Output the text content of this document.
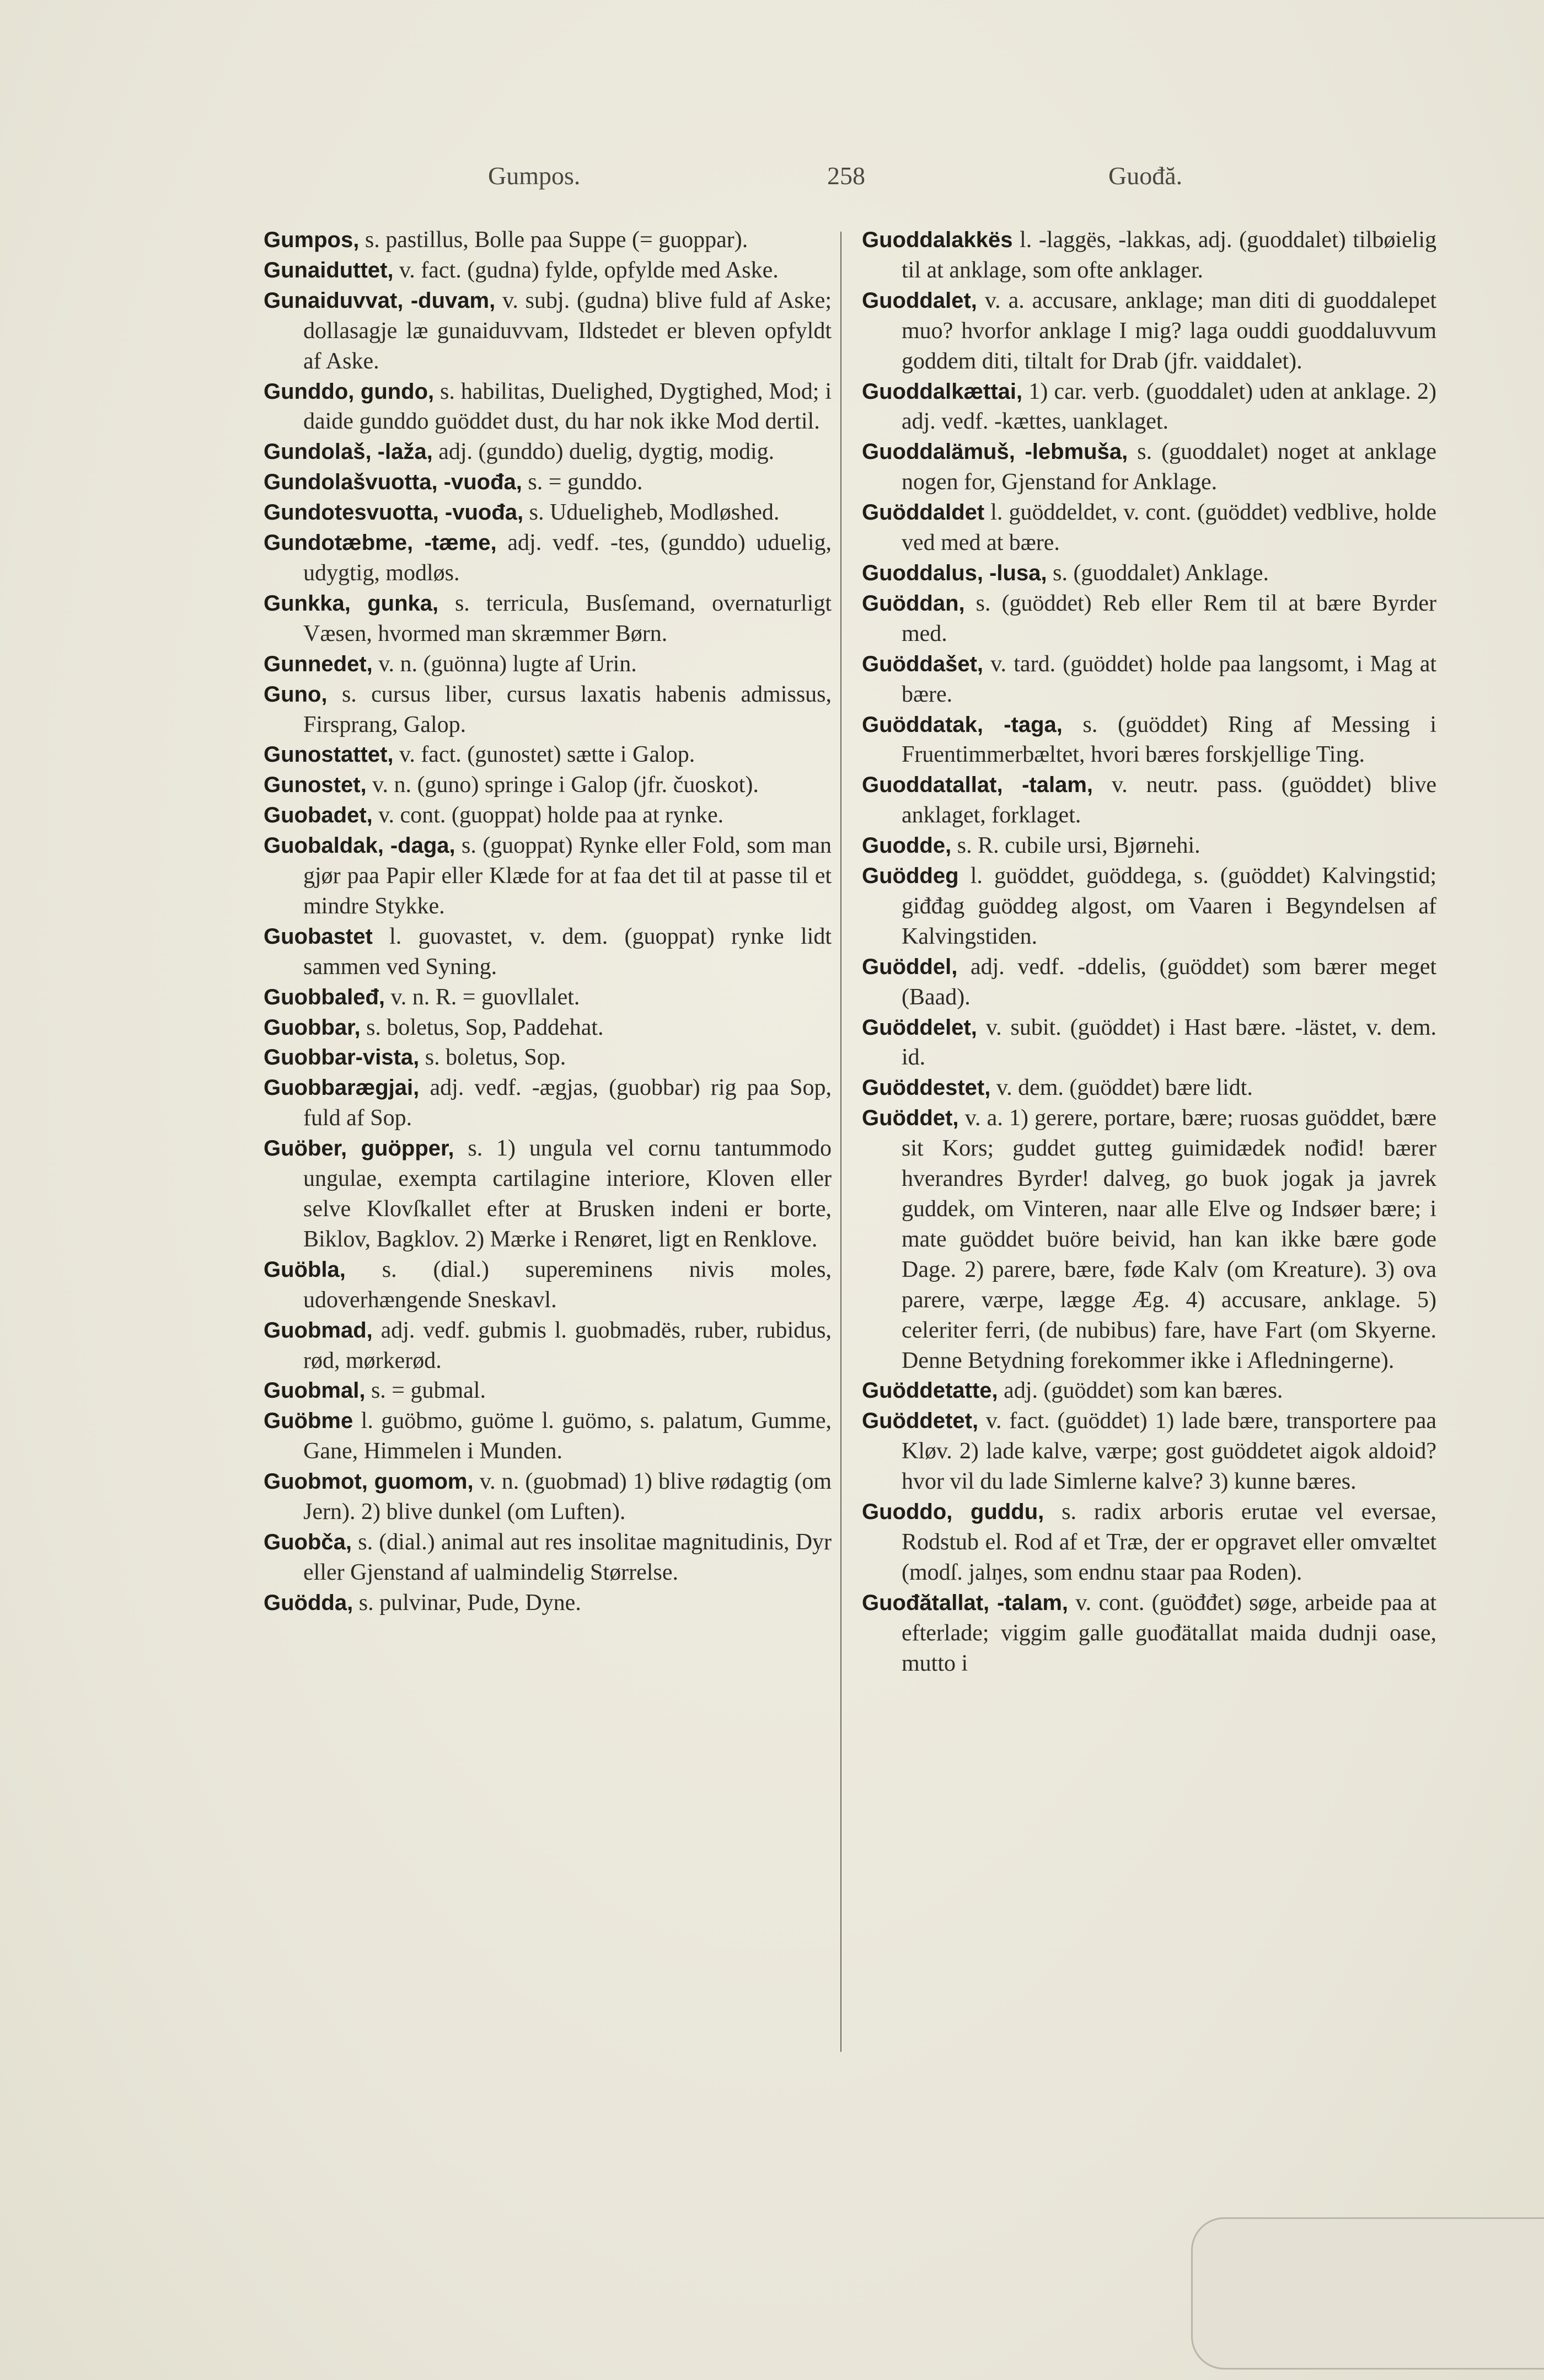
Gumpos.	258	Guođă.

Gumpos, s. pastillus, Bolle paa Suppe (= guoppar).

Gunaiduttet, v. fact. (gudna) fylde, opfylde med Aske.

Gunaiduvvat, -duvam, v. subj. (gudna) blive fuld af Aske; dollasagje læ gunaiduvvam, Ildstedet er bleven opfyldt af Aske.

Gunddo, gundo, s. habilitas, Duelighed, Dygtighed, Mod; i daide gunddo guöddet dust, du har nok ikke Mod dertil.

Gundolaš, -laža, adj. (gunddo) duelig, dygtig, modig.

Gundolašvuotta, -vuođa, s. = gunddo.

Gundotesvuotta, -vuođa, s. Udueligheb, Modløshed.

Gundotæbme, -tæme, adj. vedf. -tes, (gunddo) uduelig, udygtig, modløs.

Gunkka, gunka, s. terricula, Busſemand, overnaturligt Væsen, hvormed man skræmmer Børn.

Gunnedet, v. n. (guönna) lugte af Urin.

Guno, s. cursus liber, cursus laxatis habenis admissus, Firsprang, Galop.

Gunostattet, v. fact. (gunostet) sætte i Galop.

Gunostet, v. n. (guno) springe i Galop (jfr. čuoskot).

Guobadet, v. cont. (guoppat) holde paa at rynke.

Guobaldak, -daga, s. (guoppat) Rynke eller Fold, som man gjør paa Papir eller Klæde for at faa det til at passe til et mindre Stykke.

Guobastet l. guovastet, v. dem. (guoppat) rynke lidt sammen ved Syning.

Guobbaleđ, v. n. R. = guovllalet.

Guobbar, s. boletus, Sop, Paddehat.

Guobbar-vista, s. boletus, Sop.

Guobbarægjai, adj. vedf. -ægjas, (guobbar) rig paa Sop, fuld af Sop.

Guöber, guöpper, s. 1) ungula vel cornu tantummodo ungulae, exempta cartilagine interiore, Kloven eller selve Klovſkallet efter at Brusken indeni er borte, Biklov, Bagklov. 2) Mærke i Renøret, ligt en Renklove.

Guöbla, s. (dial.) supereminens nivis moles, udoverhængende Sneskavl.

Guobmad, adj. vedf. gubmis l. guobmadës, ruber, rubidus, rød, mørkerød.

Guobmal, s. = gubmal.

Guöbme l. guöbmo, guöme l. guömo, s. palatum, Gumme, Gane, Himmelen i Munden.

Guobmot, guomom, v. n. (guobmad) 1) blive rødagtig (om Jern). 2) blive dunkel (om Luften).

Guobča, s. (dial.) animal aut res insolitae magnitudinis, Dyr eller Gjenstand af ualmindelig Størrelse.

Guödda, s. pulvinar, Pude, Dyne.

Guoddalakkës l. -laggës, -lakkas, adj. (guoddalet) tilbøielig til at anklage, som ofte anklager.

Guoddalet, v. a. accusare, anklage; man diti di guoddalepet muo? hvorfor anklage I mig? laga ouddi guoddaluvvum goddem diti, tiltalt for Drab (jfr. vaiddalet).

Guoddalkættai, 1) car. verb. (guoddalet) uden at anklage. 2) adj. vedf. -kættes, uanklaget.

Guoddalämuš, -lebmuša, s. (guoddalet) noget at anklage nogen for, Gjenstand for Anklage.

Guöddaldet l. guöddeldet, v. cont. (guöddet) vedblive, holde ved med at bære.

Guoddalus, -lusa, s. (guoddalet) Anklage.

Guöddan, s. (guöddet) Reb eller Rem til at bære Byrder med.

Guöddašet, v. tard. (guöddet) holde paa langsomt, i Mag at bære.

Guöddatak, -taga, s. (guöddet) Ring af Messing i Fruentimmerbæltet, hvori bæres forskjellige Ting.

Guoddatallat, -talam, v. neutr. pass. (guöddet) blive anklaget, forklaget.

Guodde, s. R. cubile ursi, Bjørnehi.

Guöddeg l. guöddet, guöddega, s. (guöddet) Kalvingstid; giđđag guöddeg algost, om Vaaren i Begyndelsen af Kalvingstiden.

Guöddel, adj. vedf. -ddelis, (guöddet) som bærer meget (Baad).

Guöddelet, v. subit. (guöddet) i Hast bære. -lästet, v. dem. id.

Guöddestet, v. dem. (guöddet) bære lidt.

Guöddet, v. a. 1) gerere, portare, bære; ruosas guöddet, bære sit Kors; guddet gutteg guimidædek nođid! bærer hverandres Byrder! dalveg, go buok jogak ja javrek guddek, om Vinteren, naar alle Elve og Indsøer bære; i mate guöddet buöre beivid, han kan ikke bære gode Dage. 2) parere, bære, føde Kalv (om Kreature). 3) ova parere, værpe, lægge Æg. 4) accusare, anklage. 5) celeriter ferri, (de nubibus) fare, have Fart (om Skyerne. Denne Betydning forekommer ikke i Afledningerne).

Guöddetatte, adj. (guöddet) som kan bæres.

Guöddetet, v. fact. (guöddet) 1) lade bære, transportere paa Kløv. 2) lade kalve, værpe; gost guöddetet aigok aldoid? hvor vil du lade Simlerne kalve? 3) kunne bæres.

Guoddo, guddu, s. radix arboris erutae vel eversae, Rodstub el. Rod af et Træ, der er opgravet eller omvæltet (modſ. jalŋes, som endnu staar paa Roden).

Guođătallat, -talam, v. cont. (guöđđet) søge, arbeide paa at efterlade; viggim galle guođätallat maida dudnji oase, mutto i
